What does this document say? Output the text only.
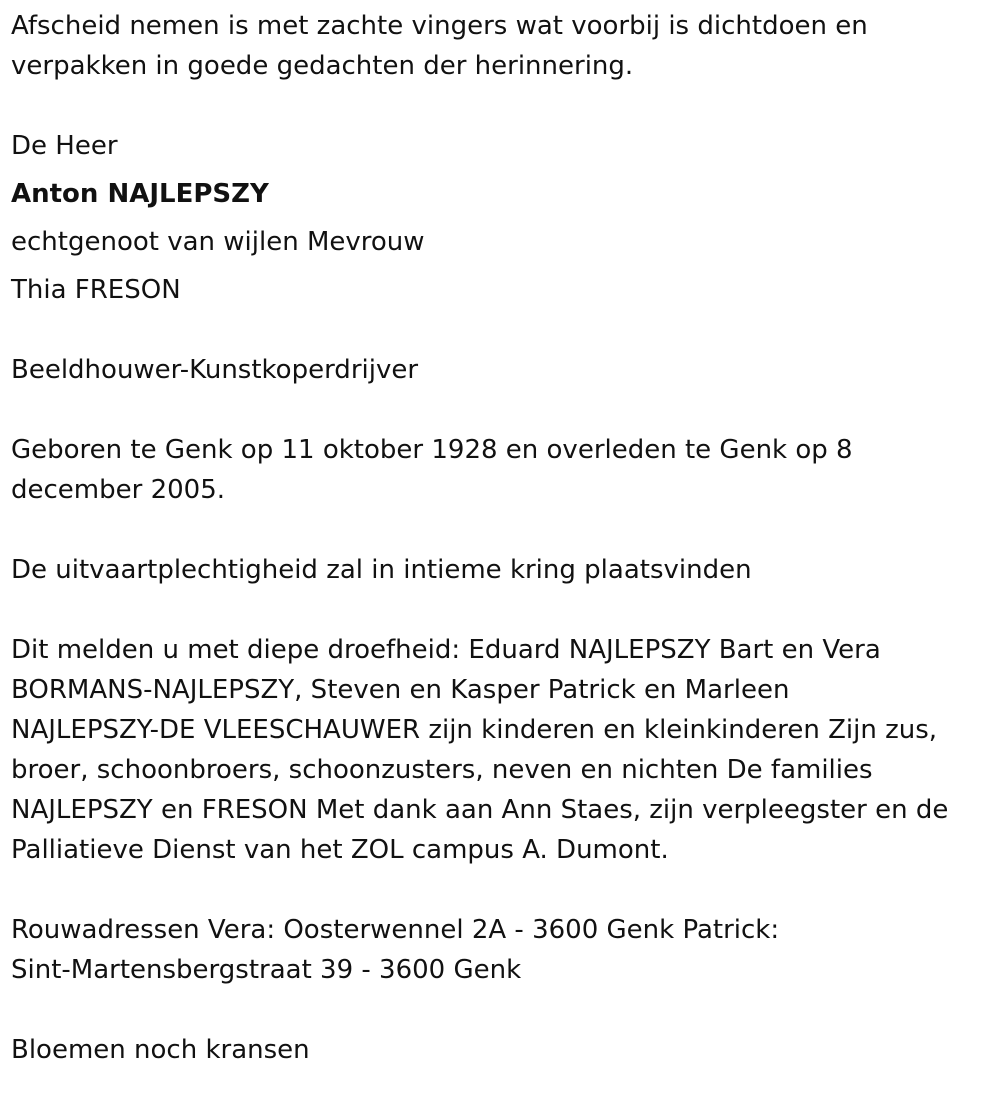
Afscheid nemen is met zachte vingers wat voorbij is dichtdoen en
verpakken in goede gedachten der herinnering.
De Heer
Anton NAJLEPSZY
echtgenoot van wijlen Mevrouw
Thia FRESON
Beeldhouwer-Kunstkoperdrijver
Geboren te Genk op 11 oktober 1928 en overleden te Genk op 8
december 2005.
De uitvaartplechtigheid zal in intieme kring plaatsvinden
Dit melden u met diepe droefheid: Eduard NAJLEPSZY Bart en Vera
BORMANS-NAJLEPSZY, Steven en Kasper Patrick en Marleen
NAJLEPSZY-DE VLEESCHAUWER zijn kinderen en kleinkinderen Zijn zus,
broer, schoonbroers, schoonzusters, neven en nichten De families
NAJLEPSZY en FRESON Met dank aan Ann Staes, zijn verpleegster en de
Palliatieve Dienst van het ZOL campus A. Dumont.
Rouwadressen Vera: Oosterwennel 2A - 3600 Genk Patrick:
Sint-Martensbergstraat 39 - 3600 Genk
Bloemen noch kransen
